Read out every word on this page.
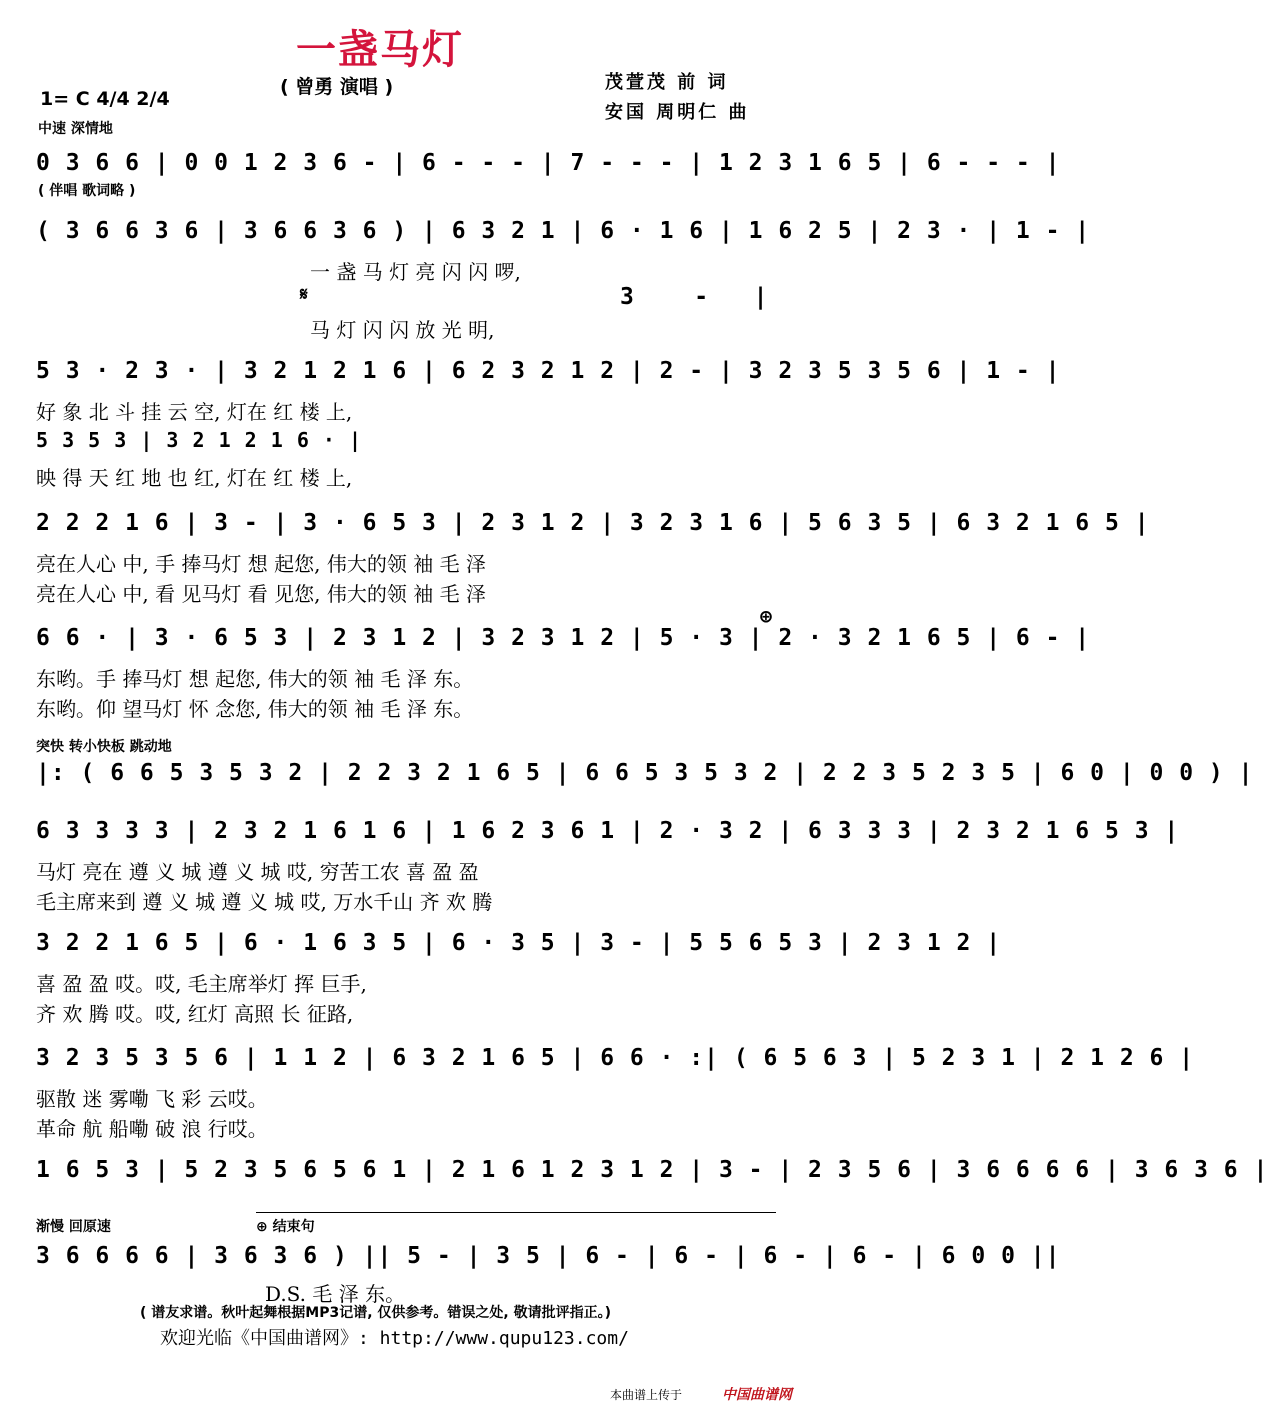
一盏马灯
( 曾勇 演唱 )	茂萱茂 前 词
安国 周明仁 曲
1= C 4/4 2/4
中速 深情地
0 3 6 6 | 0 0 1 2 3 6 - | 6 - - - | 7 - - - | 1 2 3 1 6 5 | 6 - - - |
( 伴唱 歌词略 )
( 3 6 6 3 6 | 3 6 6 3 6 ) | 6 3 2 1 | 6 · 1 6 | 1 6 2 5 | 2 3 · | 1 - |
一 盏 马 灯 亮 闪 闪 啰,
𝄋	3    -   |
马 灯 闪 闪 放 光 明,
5 3 · 2 3 · | 3 2 1 2 1 6 | 6 2 3 2 1 2 | 2 - | 3 2 3 5 3 5 6 | 1 - |
好 象 北 斗 挂 云 空, 灯在 红 楼 上,
5 3 5 3 | 3 2 1 2 1 6 · |
映 得 天 红 地 也 红, 灯在 红 楼 上,
2 2 2 1 6 | 3 - | 3 · 6 5 3 | 2 3 1 2 | 3 2 3 1 6 | 5 6 3 5 | 6 3 2 1 6 5 |
亮在人心 中, 手 捧马灯 想 起您, 伟大的领 袖 毛 泽
亮在人心 中, 看 见马灯 看 见您, 伟大的领 袖 毛 泽
6 6 · | 3 · 6 5 3 | 2 3 1 2 | 3 2 3 1 2 | 5 · 3 | 2 · 3 2 1 6 5 | 6 - |
⊕
东哟。手 捧马灯 想 起您, 伟大的领 袖 毛 泽 东。
东哟。仰 望马灯 怀 念您, 伟大的领 袖 毛 泽 东。
突快 转小快板 跳动地
|: ( 6 6 5 3 5 3 2 | 2 2 3 2 1 6 5 | 6 6 5 3 5 3 2 | 2 2 3 5 2 3 5 | 6 0 | 0 0 ) |
6 3 3 3 3 | 2 3 2 1 6 1 6 | 1 6 2 3 6 1 | 2 · 3 2 | 6 3 3 3 | 2 3 2 1 6 5 3 |
马灯 亮在 遵 义 城 遵 义 城 哎, 穷苦工农 喜 盈 盈
毛主席来到 遵 义 城 遵 义 城 哎, 万水千山 齐 欢 腾
3 2 2 1 6 5 | 6 · 1 6 3 5 | 6 · 3 5 | 3 - | 5 5 6 5 3 | 2 3 1 2 |
喜 盈 盈 哎。哎, 毛主席举灯 挥 巨手,
齐 欢 腾 哎。哎, 红灯 高照 长 征路,
3 2 3 5 3 5 6 | 1 1 2 | 6 3 2 1 6 5 | 6 6 · :| ( 6 5 6 3 | 5 2 3 1 | 2 1 2 6 |
驱散 迷 雾嘞 飞 彩 云哎。
革命 航 船嘞 破 浪 行哎。
1 6 5 3 | 5 2 3 5 6 5 6 1 | 2 1 6 1 2 3 1 2 | 3 - | 2 3 5 6 | 3 6 6 6 6 | 3 6 3 6 |
渐慢 回原速	⊕ 结束句
3 6 6 6 6 | 3 6 3 6 ) || 5 - | 3 5 | 6 - | 6 - | 6 - | 6 - | 6 0 0 ||
D.S. 毛 泽 东。
( 谱友求谱。秋叶起舞根据MP3记谱, 仅供参考。错误之处, 敬请批评指正。)
欢迎光临《中国曲谱网》: http://www.qupu123.com/
本曲谱上传于	中国曲谱网
